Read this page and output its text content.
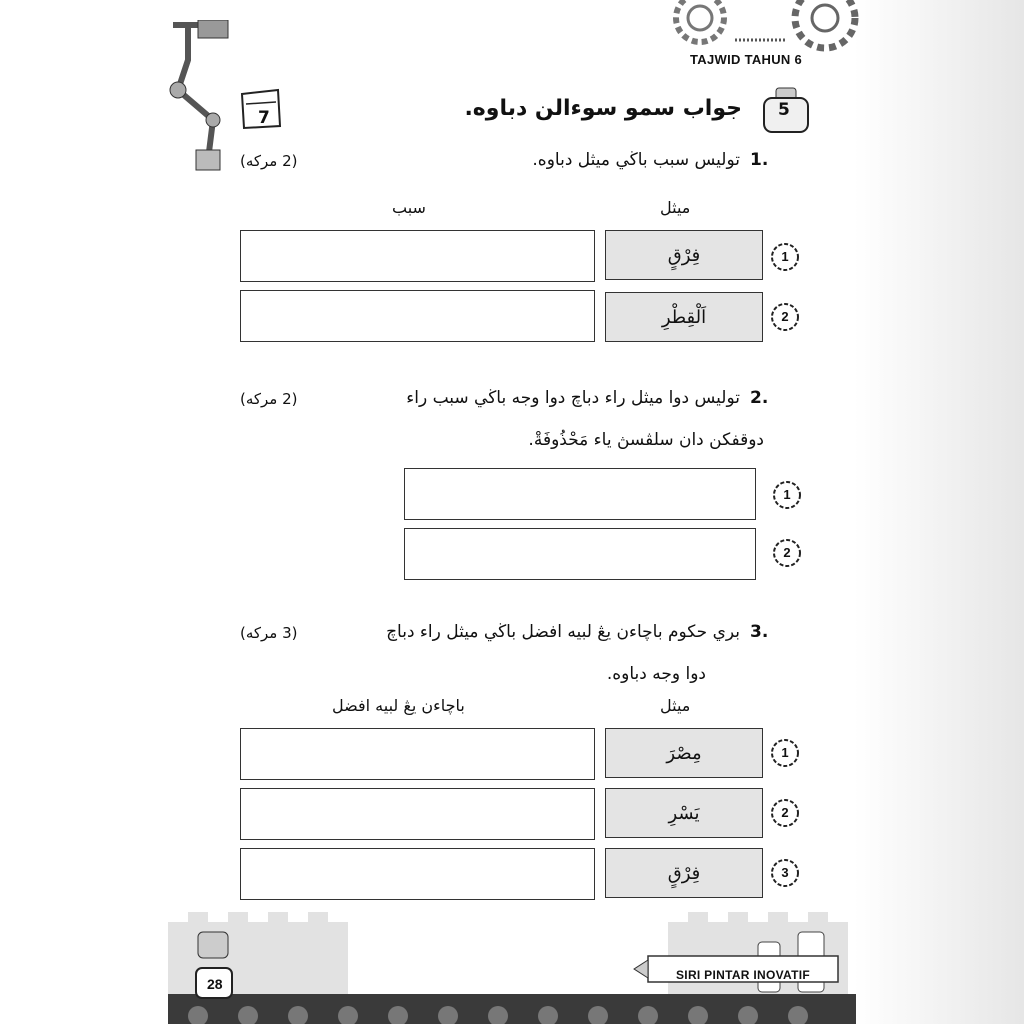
7
TAJWID TAHUN 6
5
جواب سمو سوءالن دباوه.
1.
توليس سبب باڬي ميثل دباوه.
(2 مركه)
ميثل
سبب
فِرْقٍ	1
اَلْقِطْرِ	2
2.
توليس دوا ميثل راء دباچ دوا وجه باڬي سبب راء
دوقفكن دان سلڤسڽ ياء مَحْذُوفَةْ.
(2 مركه)
1
2
3.
بري حكوم باچاءن يڠ لبيه افضل باڬي ميثل راء دباچ
دوا وجه دباوه.
(3 مركه)
ميثل
باچاءن يڠ لبيه افضل
مِصْرَ	1
يَسْرِ	2
فِرْقٍ	3
SIRI PINTAR INOVATIF
28
